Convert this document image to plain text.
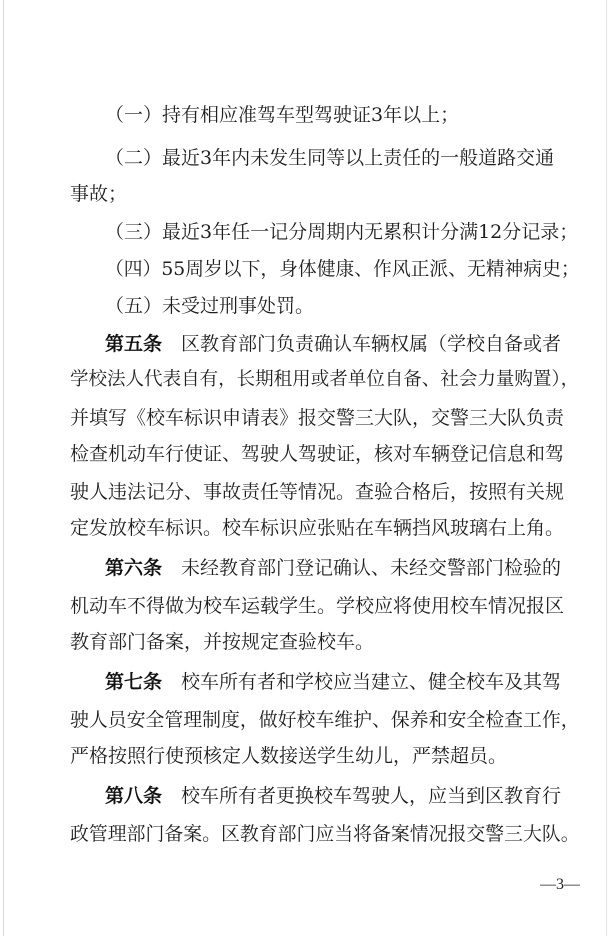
（一）持有相应准驾车型驾驶证3年以上；
（二）最近3年内未发生同等以上责任的一般道路交通
事故；
（三）最近3年任一记分周期内无累积计分满12分记录；
（四）55周岁以下，身体健康、作风正派、无精神病史；
（五）未受过刑事处罚。
第五条　 区教育部门负责确认车辆权属（学校自备或者
学校法人代表自有，长期租用或者单位自备、社会力量购置），
并填写《校车标识申请表》报交警三大队，交警三大队负责
检查机动车行使证、驾驶人驾驶证，核对车辆登记信息和驾
驶人违法记分、事故责任等情况。查验合格后，按照有关规
定发放校车标识。校车标识应张贴在车辆挡风玻璃右上角。
第六条　 未经教育部门登记确认、未经交警部门检验的
机动车不得做为校车运载学生。学校应将使用校车情况报区
教育部门备案，并按规定查验校车。
第七条　 校车所有者和学校应当建立、健全校车及其驾
驶人员安全管理制度，做好校车维护、保养和安全检查工作，
严格按照行使预核定人数接送学生幼儿，严禁超员。
第八条　 校车所有者更换校车驾驶人，应当到区教育行
政管理部门备案。区教育部门应当将备案情况报交警三大队。
—3—
